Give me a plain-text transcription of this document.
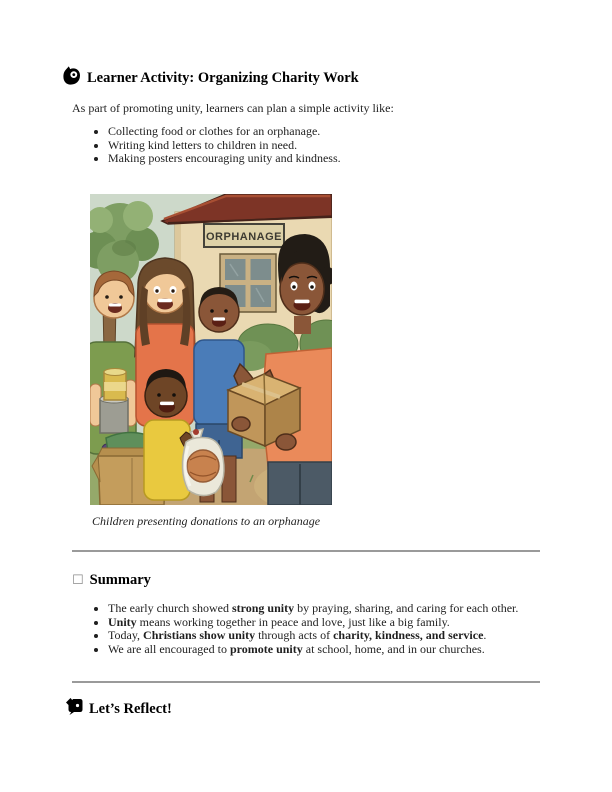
Learner Activity: Organizing Charity Work

As part of promoting unity, learners can plan a simple activity like:

• Collecting food or clothes for an orphanage.
• Writing kind letters to children in need.
• Making posters encouraging unity and kindness.
ORPHANAGE
Children presenting donations to an orphanage
☐ Summary
• The early church showed strong unity by praying, sharing, and caring for each other.
• Unity means working together in peace and love, just like a big family.
• Today, Christians show unity through acts of charity, kindness, and service.
• We are all encouraged to promote unity at school, home, and in our churches.
Let’s Reflect!
